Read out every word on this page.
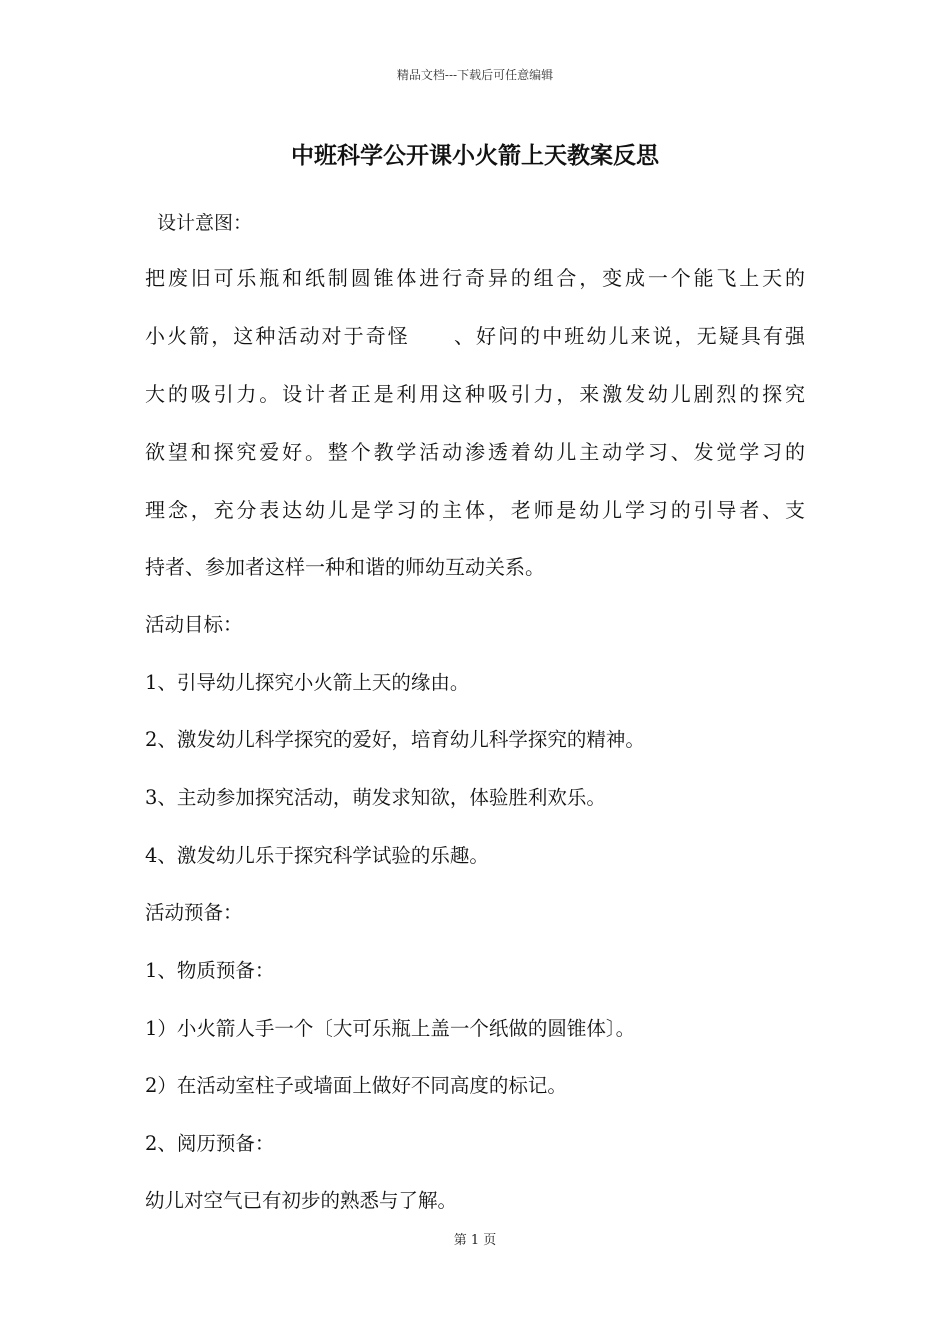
精品文档---下载后可任意编辑
中班科学公开课小火箭上天教案反思
设计意图：
把废旧可乐瓶和纸制圆锥体进行奇异的组合，变成一个能飞上天的
小火箭，这种活动对于奇怪　　、好问的中班幼儿来说，无疑具有强
大的吸引力。设计者正是利用这种吸引力，来激发幼儿剧烈的探究
欲望和探究爱好。整个教学活动渗透着幼儿主动学习、发觉学习的
理念，充分表达幼儿是学习的主体，老师是幼儿学习的引导者、支
持者、参加者这样一种和谐的师幼互动关系。
活动目标：
1、引导幼儿探究小火箭上天的缘由。
2、激发幼儿科学探究的爱好，培育幼儿科学探究的精神。
3、主动参加探究活动，萌发求知欲，体验胜利欢乐。
4、激发幼儿乐于探究科学试验的乐趣。
活动预备：
1、物质预备：
1）小火箭人手一个〔大可乐瓶上盖一个纸做的圆锥体〕。
2）在活动室柱子或墙面上做好不同高度的标记。
2、阅历预备：
幼儿对空气已有初步的熟悉与了解。
第 1 页
